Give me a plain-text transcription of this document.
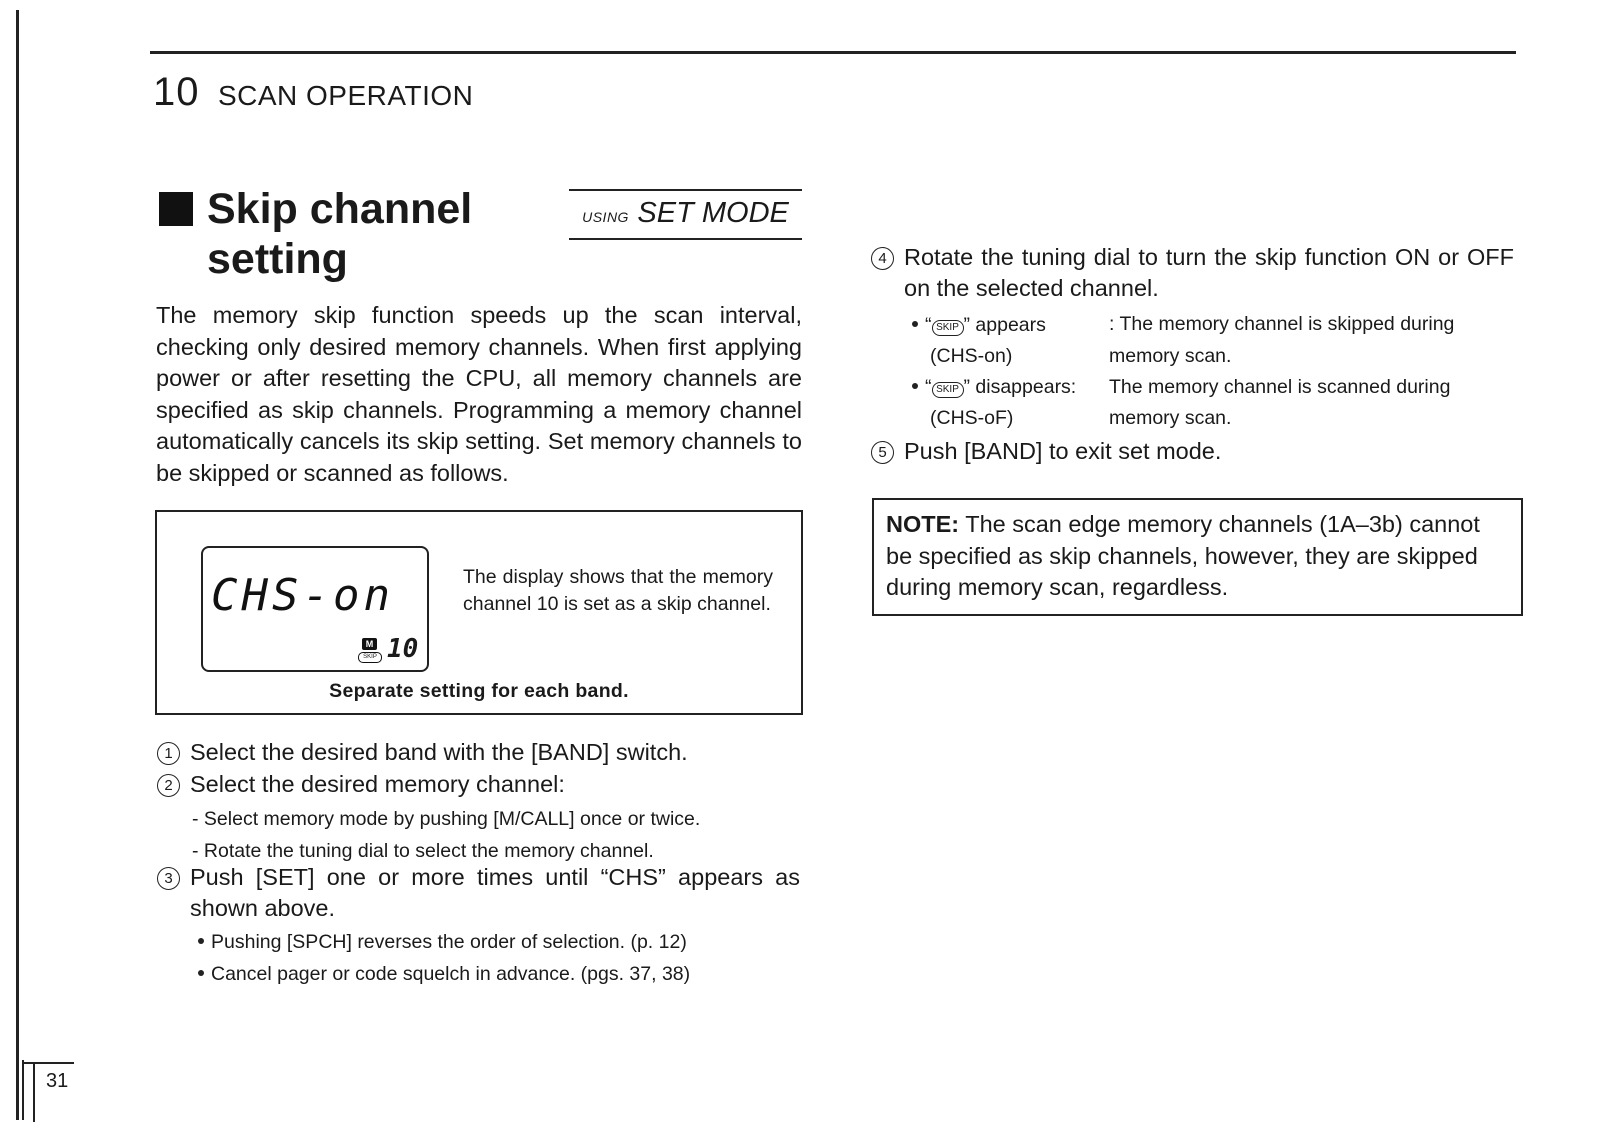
10 SCAN OPERATION
Skip channel
setting
USING SET MODE
The memory skip function speeds up the scan interval, checking only desired memory channels. When first applying power or after resetting the CPU, all memory channels are specified as skip channels. Programming a memory channel automatically cancels its skip setting. Set memory channels to be skipped or scanned as follows.
CHS-on
M
SKIP 10
The display shows that the memory channel 10 is set as a skip channel.
Separate setting for each band.
1 Select the desired band with the [BAND] switch.
2 Select the desired memory channel:
- Select memory mode by pushing [M/CALL] once or twice.
- Rotate the tuning dial to select the memory channel.
3 Push [SET] one or more times until “CHS” appears as shown above.
Pushing [SPCH] reverses the order of selection. (p. 12)
Cancel pager or code squelch in advance. (pgs. 37, 38)
4 Rotate the tuning dial to turn the skip function ON or OFF on the selected channel.
“ SKIP ” appears
(CHS-on)
: The memory channel is skipped during
memory scan.
“ SKIP ” disappears:
(CHS-oF)
The memory channel is scanned during
memory scan.
5 Push [BAND] to exit set mode.
NOTE: The scan edge memory channels (1A–3b) cannot be specified as skip channels, however, they are skipped during memory scan, regardless.
31
